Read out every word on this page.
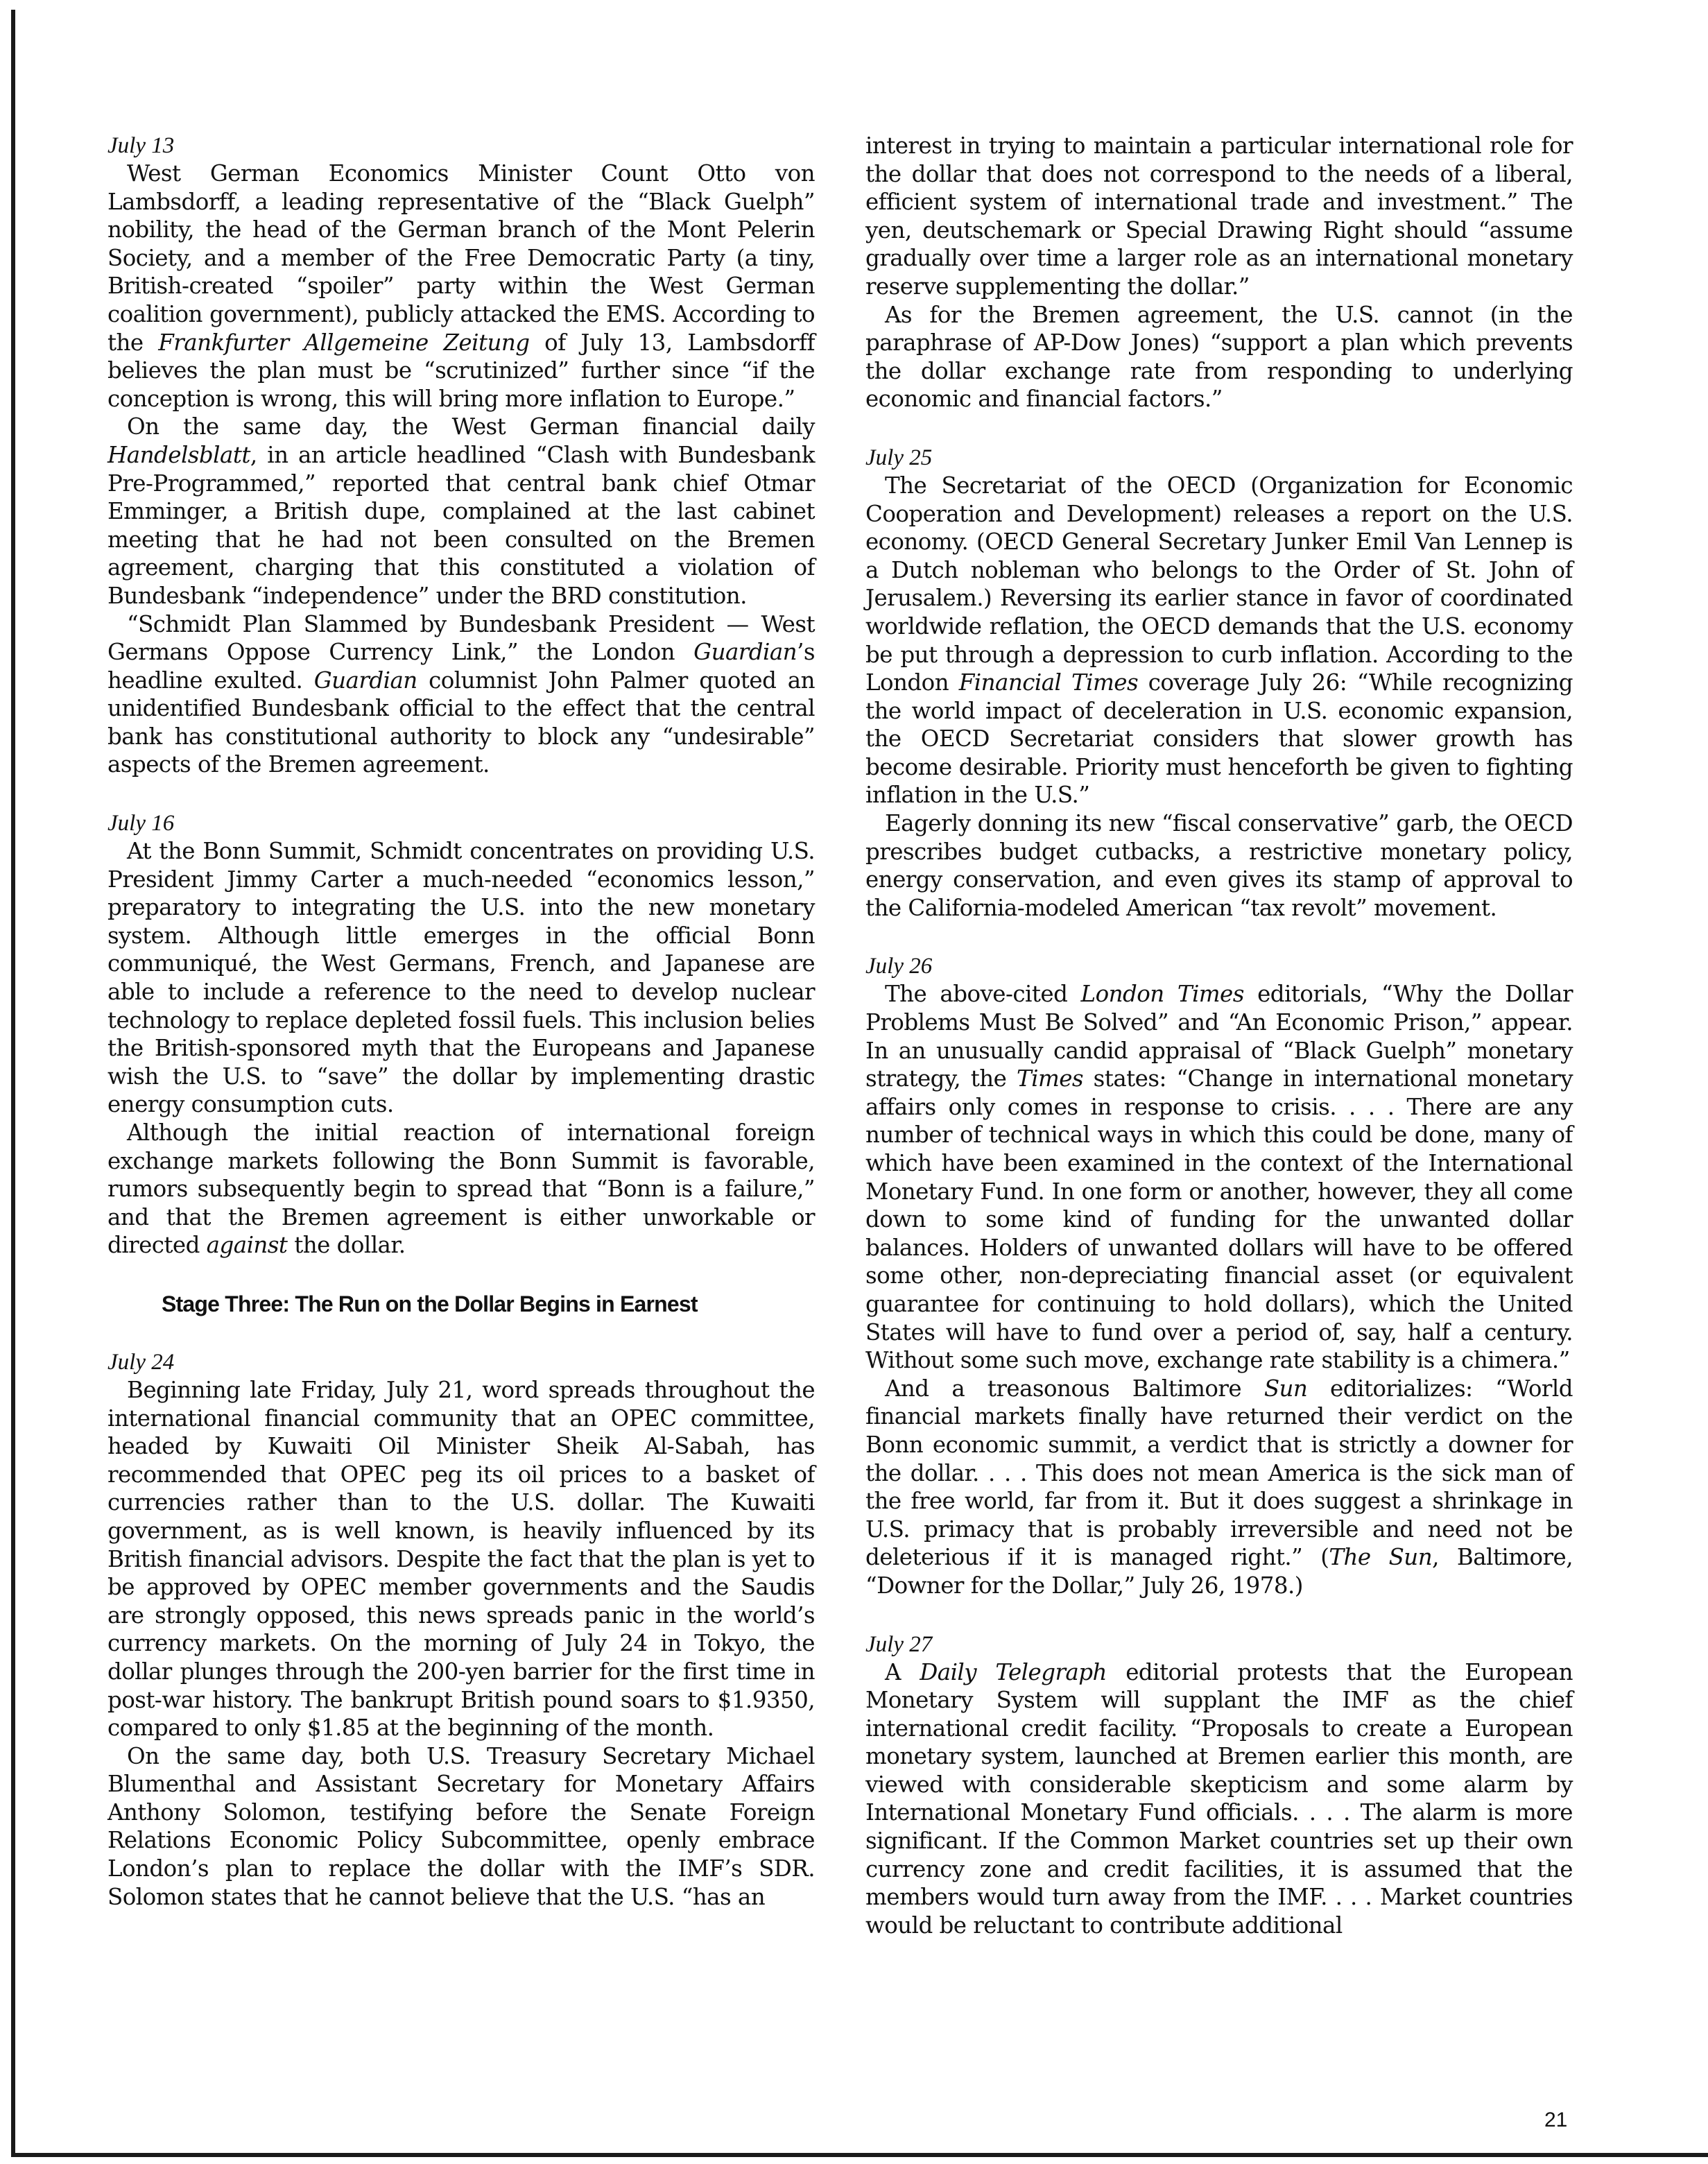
July 13

West German Economics Minister Count Otto von Lambsdorff, a leading representative of the “Black Guelph” nobility, the head of the German branch of the Mont Pelerin Society, and a member of the Free Democratic Party (a tiny, British-created “spoiler” party within the West German coalition government), publicly attacked the EMS. According to the Frankfurter Allgemeine Zeitung of July 13, Lambsdorff believes the plan must be “scrutinized” further since “if the conception is wrong, this will bring more inflation to Europe.”

On the same day, the West German financial daily Handelsblatt, in an article headlined “Clash with Bundesbank Pre-Programmed,” reported that central bank chief Otmar Emminger, a British dupe, complained at the last cabinet meeting that he had not been consulted on the Bremen agreement, charging that this constituted a violation of Bundesbank “independence” under the BRD constitution.

“Schmidt Plan Slammed by Bundesbank President — West Germans Oppose Currency Link,” the London Guardian’s headline exulted. Guardian columnist John Palmer quoted an unidentified Bundesbank official to the effect that the central bank has constitutional authority to block any “undesirable” aspects of the Bremen agreement.

July 16

At the Bonn Summit, Schmidt concentrates on providing U.S. President Jimmy Carter a much-needed “economics lesson,” preparatory to integrating the U.S. into the new monetary system. Although little emerges in the official Bonn communiqué, the West Germans, French, and Japanese are able to include a reference to the need to develop nuclear technology to replace depleted fossil fuels. This inclusion belies the British-sponsored myth that the Europeans and Japanese wish the U.S. to “save” the dollar by implementing drastic energy consumption cuts.

Although the initial reaction of international foreign exchange markets following the Bonn Summit is favorable, rumors subsequently begin to spread that “Bonn is a failure,” and that the Bremen agreement is either unworkable or directed against the dollar.

Stage Three: The Run on the Dollar Begins in Earnest
July 24

Beginning late Friday, July 21, word spreads throughout the international financial community that an OPEC committee, headed by Kuwaiti Oil Minister Sheik Al-Sabah, has recommended that OPEC peg its oil prices to a basket of currencies rather than to the U.S. dollar. The Kuwaiti government, as is well known, is heavily influenced by its British financial advisors. Despite the fact that the plan is yet to be approved by OPEC member governments and the Saudis are strongly opposed, this news spreads panic in the world’s currency markets. On the morning of July 24 in Tokyo, the dollar plunges through the 200-yen barrier for the first time in post-war history. The bankrupt British pound soars to $1.9350, compared to only $1.85 at the beginning of the month.

On the same day, both U.S. Treasury Secretary Michael Blumenthal and Assistant Secretary for Monetary Affairs Anthony Solomon, testifying before the Senate Foreign Relations Economic Policy Subcommittee, openly embrace London’s plan to replace the dollar with the IMF’s SDR. Solomon states that he cannot believe that the U.S. “has an

interest in trying to maintain a particular international role for the dollar that does not correspond to the needs of a liberal, efficient system of international trade and investment.” The yen, deutschemark or Special Drawing Right should “assume gradually over time a larger role as an international monetary reserve supplementing the dollar.”

As for the Bremen agreement, the U.S. cannot (in the paraphrase of AP-Dow Jones) “support a plan which prevents the dollar exchange rate from responding to underlying economic and financial factors.”

July 25

The Secretariat of the OECD (Organization for Economic Cooperation and Development) releases a report on the U.S. economy. (OECD General Secretary Junker Emil Van Lennep is a Dutch nobleman who belongs to the Order of St. John of Jerusalem.) Reversing its earlier stance in favor of coordinated worldwide reflation, the OECD demands that the U.S. economy be put through a depression to curb inflation. According to the London Financial Times coverage July 26: “While recognizing the world impact of deceleration in U.S. economic expansion, the OECD Secretariat considers that slower growth has become desirable. Priority must henceforth be given to fighting inflation in the U.S.”

Eagerly donning its new “fiscal conservative” garb, the OECD prescribes budget cutbacks, a restrictive monetary policy, energy conservation, and even gives its stamp of approval to the California-modeled American “tax revolt” movement.

July 26

The above-cited London Times editorials, “Why the Dollar Problems Must Be Solved” and “An Economic Prison,” appear. In an unusually candid appraisal of “Black Guelph” monetary strategy, the Times states: “Change in international monetary affairs only comes in response to crisis. . . . There are any number of technical ways in which this could be done, many of which have been examined in the context of the International Monetary Fund. In one form or another, however, they all come down to some kind of funding for the unwanted dollar balances. Holders of unwanted dollars will have to be offered some other, non-depreciating financial asset (or equivalent guarantee for continuing to hold dollars), which the United States will have to fund over a period of, say, half a century. Without some such move, exchange rate stability is a chimera.”

And a treasonous Baltimore Sun editorializes: “World financial markets finally have returned their verdict on the Bonn economic summit, a verdict that is strictly a downer for the dollar. . . . This does not mean America is the sick man of the free world, far from it. But it does suggest a shrinkage in U.S. primacy that is probably irreversible and need not be deleterious if it is managed right.” (The Sun, Baltimore, “Downer for the Dollar,” July 26, 1978.)

July 27

A Daily Telegraph editorial protests that the European Monetary System will supplant the IMF as the chief international credit facility. “Proposals to create a European monetary system, launched at Bremen earlier this month, are viewed with considerable skepticism and some alarm by International Monetary Fund officials. . . . The alarm is more significant. If the Common Market countries set up their own currency zone and credit facilities, it is assumed that the members would turn away from the IMF. . . . Market countries would be reluctant to contribute additional

21
